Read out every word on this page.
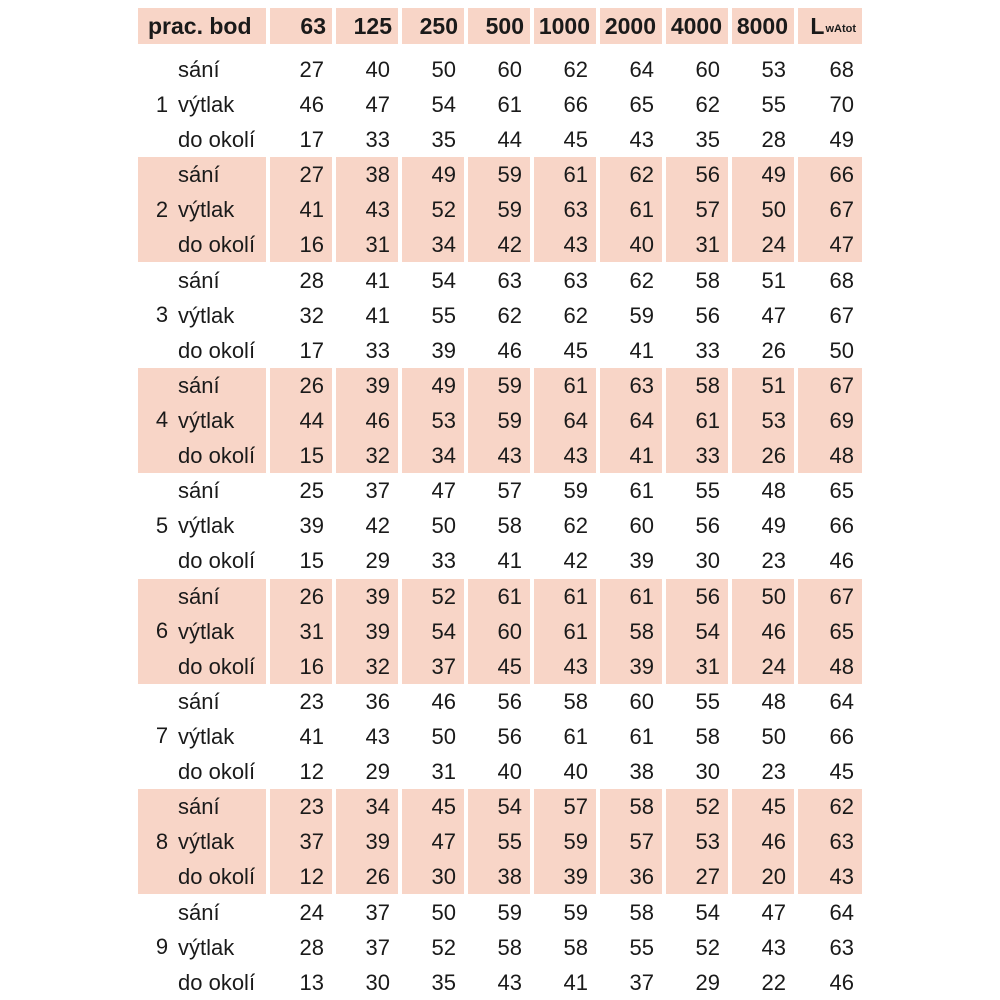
prac. bod 63 125 250 500 1000 2000 4000 8000 L wAtot
1
sání
výtlak
do okolí
27
46
17
40
47
33
50
54
35
60
61
44
62
66
45
64
65
43
60
62
35
53
55
28
68
70
49
2
sání
výtlak
do okolí
27
41
16
38
43
31
49
52
34
59
59
42
61
63
43
62
61
40
56
57
31
49
50
24
66
67
47
3
sání
výtlak
do okolí
28
32
17
41
41
33
54
55
39
63
62
46
63
62
45
62
59
41
58
56
33
51
47
26
68
67
50
4
sání
výtlak
do okolí
26
44
15
39
46
32
49
53
34
59
59
43
61
64
43
63
64
41
58
61
33
51
53
26
67
69
48
5
sání
výtlak
do okolí
25
39
15
37
42
29
47
50
33
57
58
41
59
62
42
61
60
39
55
56
30
48
49
23
65
66
46
6
sání
výtlak
do okolí
26
31
16
39
39
32
52
54
37
61
60
45
61
61
43
61
58
39
56
54
31
50
46
24
67
65
48
7
sání
výtlak
do okolí
23
41
12
36
43
29
46
50
31
56
56
40
58
61
40
60
61
38
55
58
30
48
50
23
64
66
45
8
sání
výtlak
do okolí
23
37
12
34
39
26
45
47
30
54
55
38
57
59
39
58
57
36
52
53
27
45
46
20
62
63
43
9
sání
výtlak
do okolí
24
28
13
37
37
30
50
52
35
59
58
43
59
58
41
58
55
37
54
52
29
47
43
22
64
63
46
